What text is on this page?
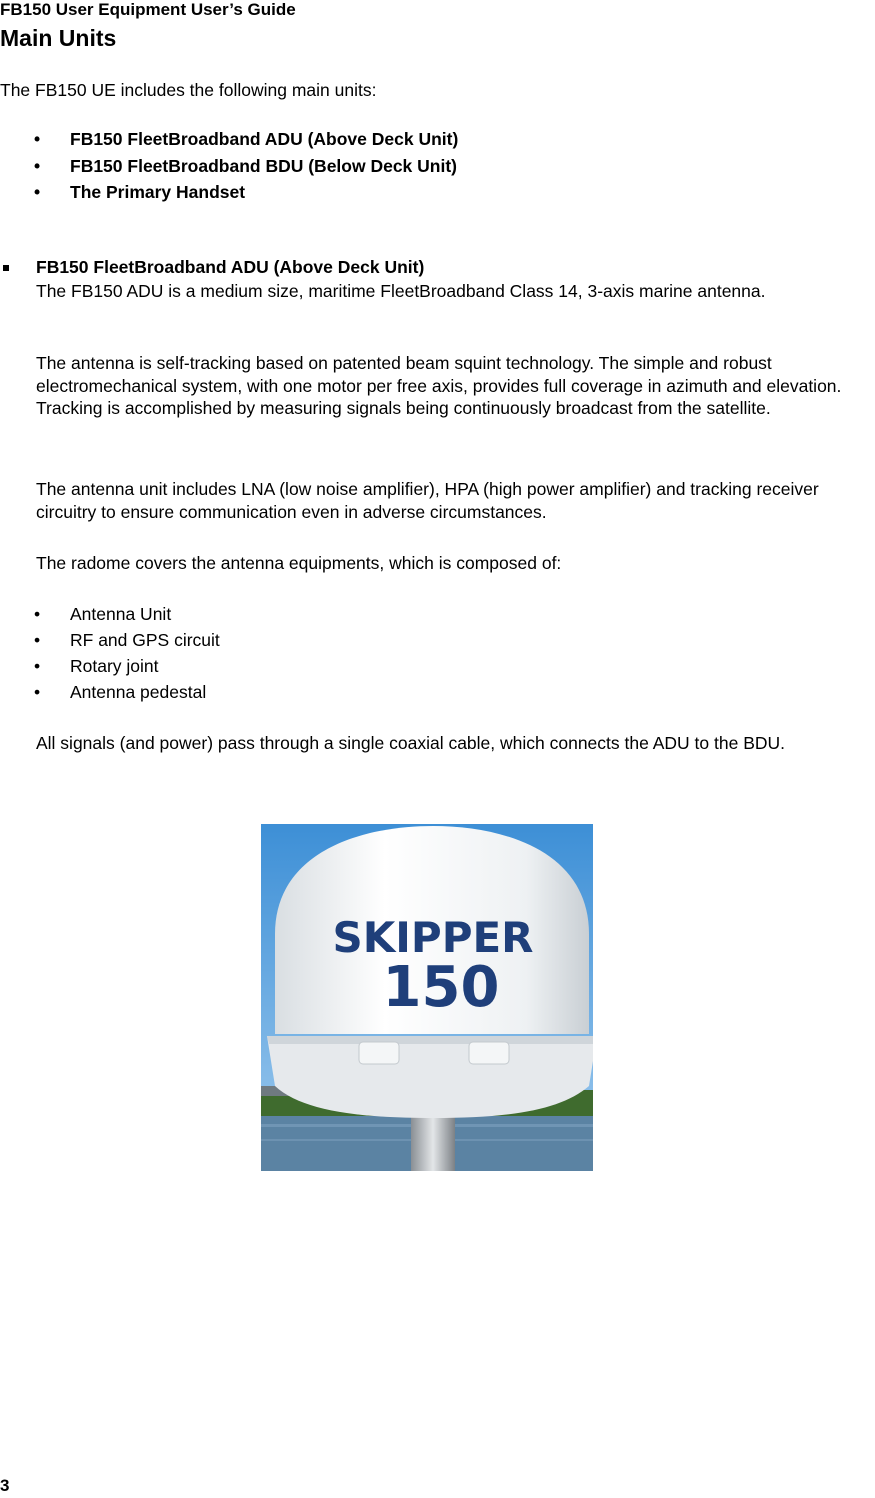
FB150 User Equipment User’s Guide
Main Units

The FB150 UE includes the following main units:

• FB150 FleetBroadband ADU (Above Deck Unit)
• FB150 FleetBroadband BDU (Below Deck Unit)
• The Primary Handset
FB150 FleetBroadband ADU (Above Deck Unit)

The FB150 ADU is a medium size, maritime FleetBroadband Class 14, 3-axis marine antenna.

The antenna is self-tracking based on patented beam squint technology. The simple and robust electromechanical system, with one motor per free axis, provides full coverage in azimuth and elevation. Tracking is accomplished by measuring signals being continuously broadcast from the satellite.

The antenna unit includes LNA (low noise amplifier), HPA (high power amplifier) and tracking receiver circuitry to ensure communication even in adverse circumstances.

The radome covers the antenna equipments, which is composed of:

• Antenna Unit
• RF and GPS circuit
• Rotary joint
• Antenna pedestal

All signals (and power) pass through a single coaxial cable, which connects the ADU to the BDU.

SKIPPER
150
3
